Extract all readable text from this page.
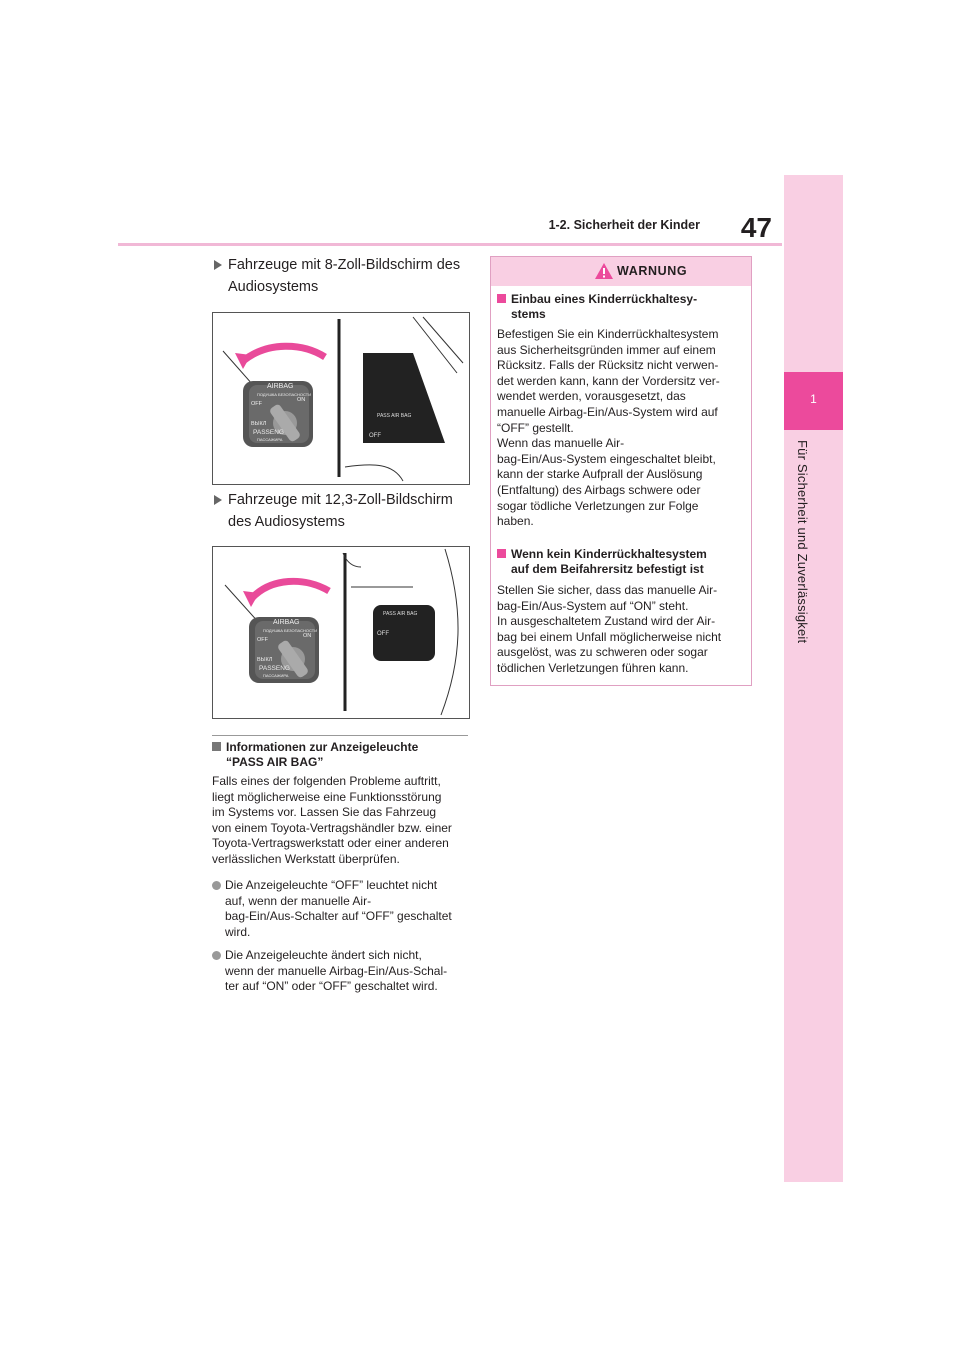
47
1-2. Sicherheit der Kinder
1
Für Sicherheit und Zuverlässigkeit
Fahrzeuge mit 8-Zoll-Bildschirm des
Audiosystems
AIRBAG
ПОДУШКА БЕЗОПАСНОСТИ
OFF
ON
ВЫКЛ
PASSENG
ПАССАЖИРА
PASS AIR BAG
OFF
Fahrzeuge mit 12,3-Zoll-Bildschirm
des Audiosystems
AIRBAG
ПОДУШКА БЕЗОПАСНОСТИ
OFF
ON
ВЫКЛ
PASSENG
ПАССАЖИРА
PASS AIR BAG
OFF
Informationen zur Anzeigeleuchte
“PASS AIR BAG”
Falls eines der folgenden Probleme auftritt,
liegt möglicherweise eine Funktionsstörung
im Systems vor. Lassen Sie das Fahrzeug
von einem Toyota-Vertragshändler bzw. einer
Toyota-Vertragswerkstatt oder einer anderen
verlässlichen Werkstatt überprüfen.
Die Anzeigeleuchte “OFF” leuchtet nicht
auf, wenn der manuelle Air-
bag-Ein/Aus-Schalter auf “OFF” geschaltet
wird.
Die Anzeigeleuchte ändert sich nicht,
wenn der manuelle Airbag-Ein/Aus-Schal-
ter auf “ON” oder “OFF” geschaltet wird.
WARNUNG
Einbau eines Kinderrückhaltesy-
stems
Befestigen Sie ein Kinderrückhaltesystem
aus Sicherheitsgründen immer auf einem
Rücksitz. Falls der Rücksitz nicht verwen-
det werden kann, kann der Vordersitz ver-
wendet werden, vorausgesetzt, das
manuelle Airbag-Ein/Aus-System wird auf
“OFF” gestellt.
Wenn das manuelle Air-
bag-Ein/Aus-System eingeschaltet bleibt,
kann der starke Aufprall der Auslösung
(Entfaltung) des Airbags schwere oder
sogar tödliche Verletzungen zur Folge
haben.
Wenn kein Kinderrückhaltesystem
auf dem Beifahrersitz befestigt ist
Stellen Sie sicher, dass das manuelle Air-
bag-Ein/Aus-System auf “ON” steht.
In ausgeschaltetem Zustand wird der Air-
bag bei einem Unfall möglicherweise nicht
ausgelöst, was zu schweren oder sogar
tödlichen Verletzungen führen kann.
